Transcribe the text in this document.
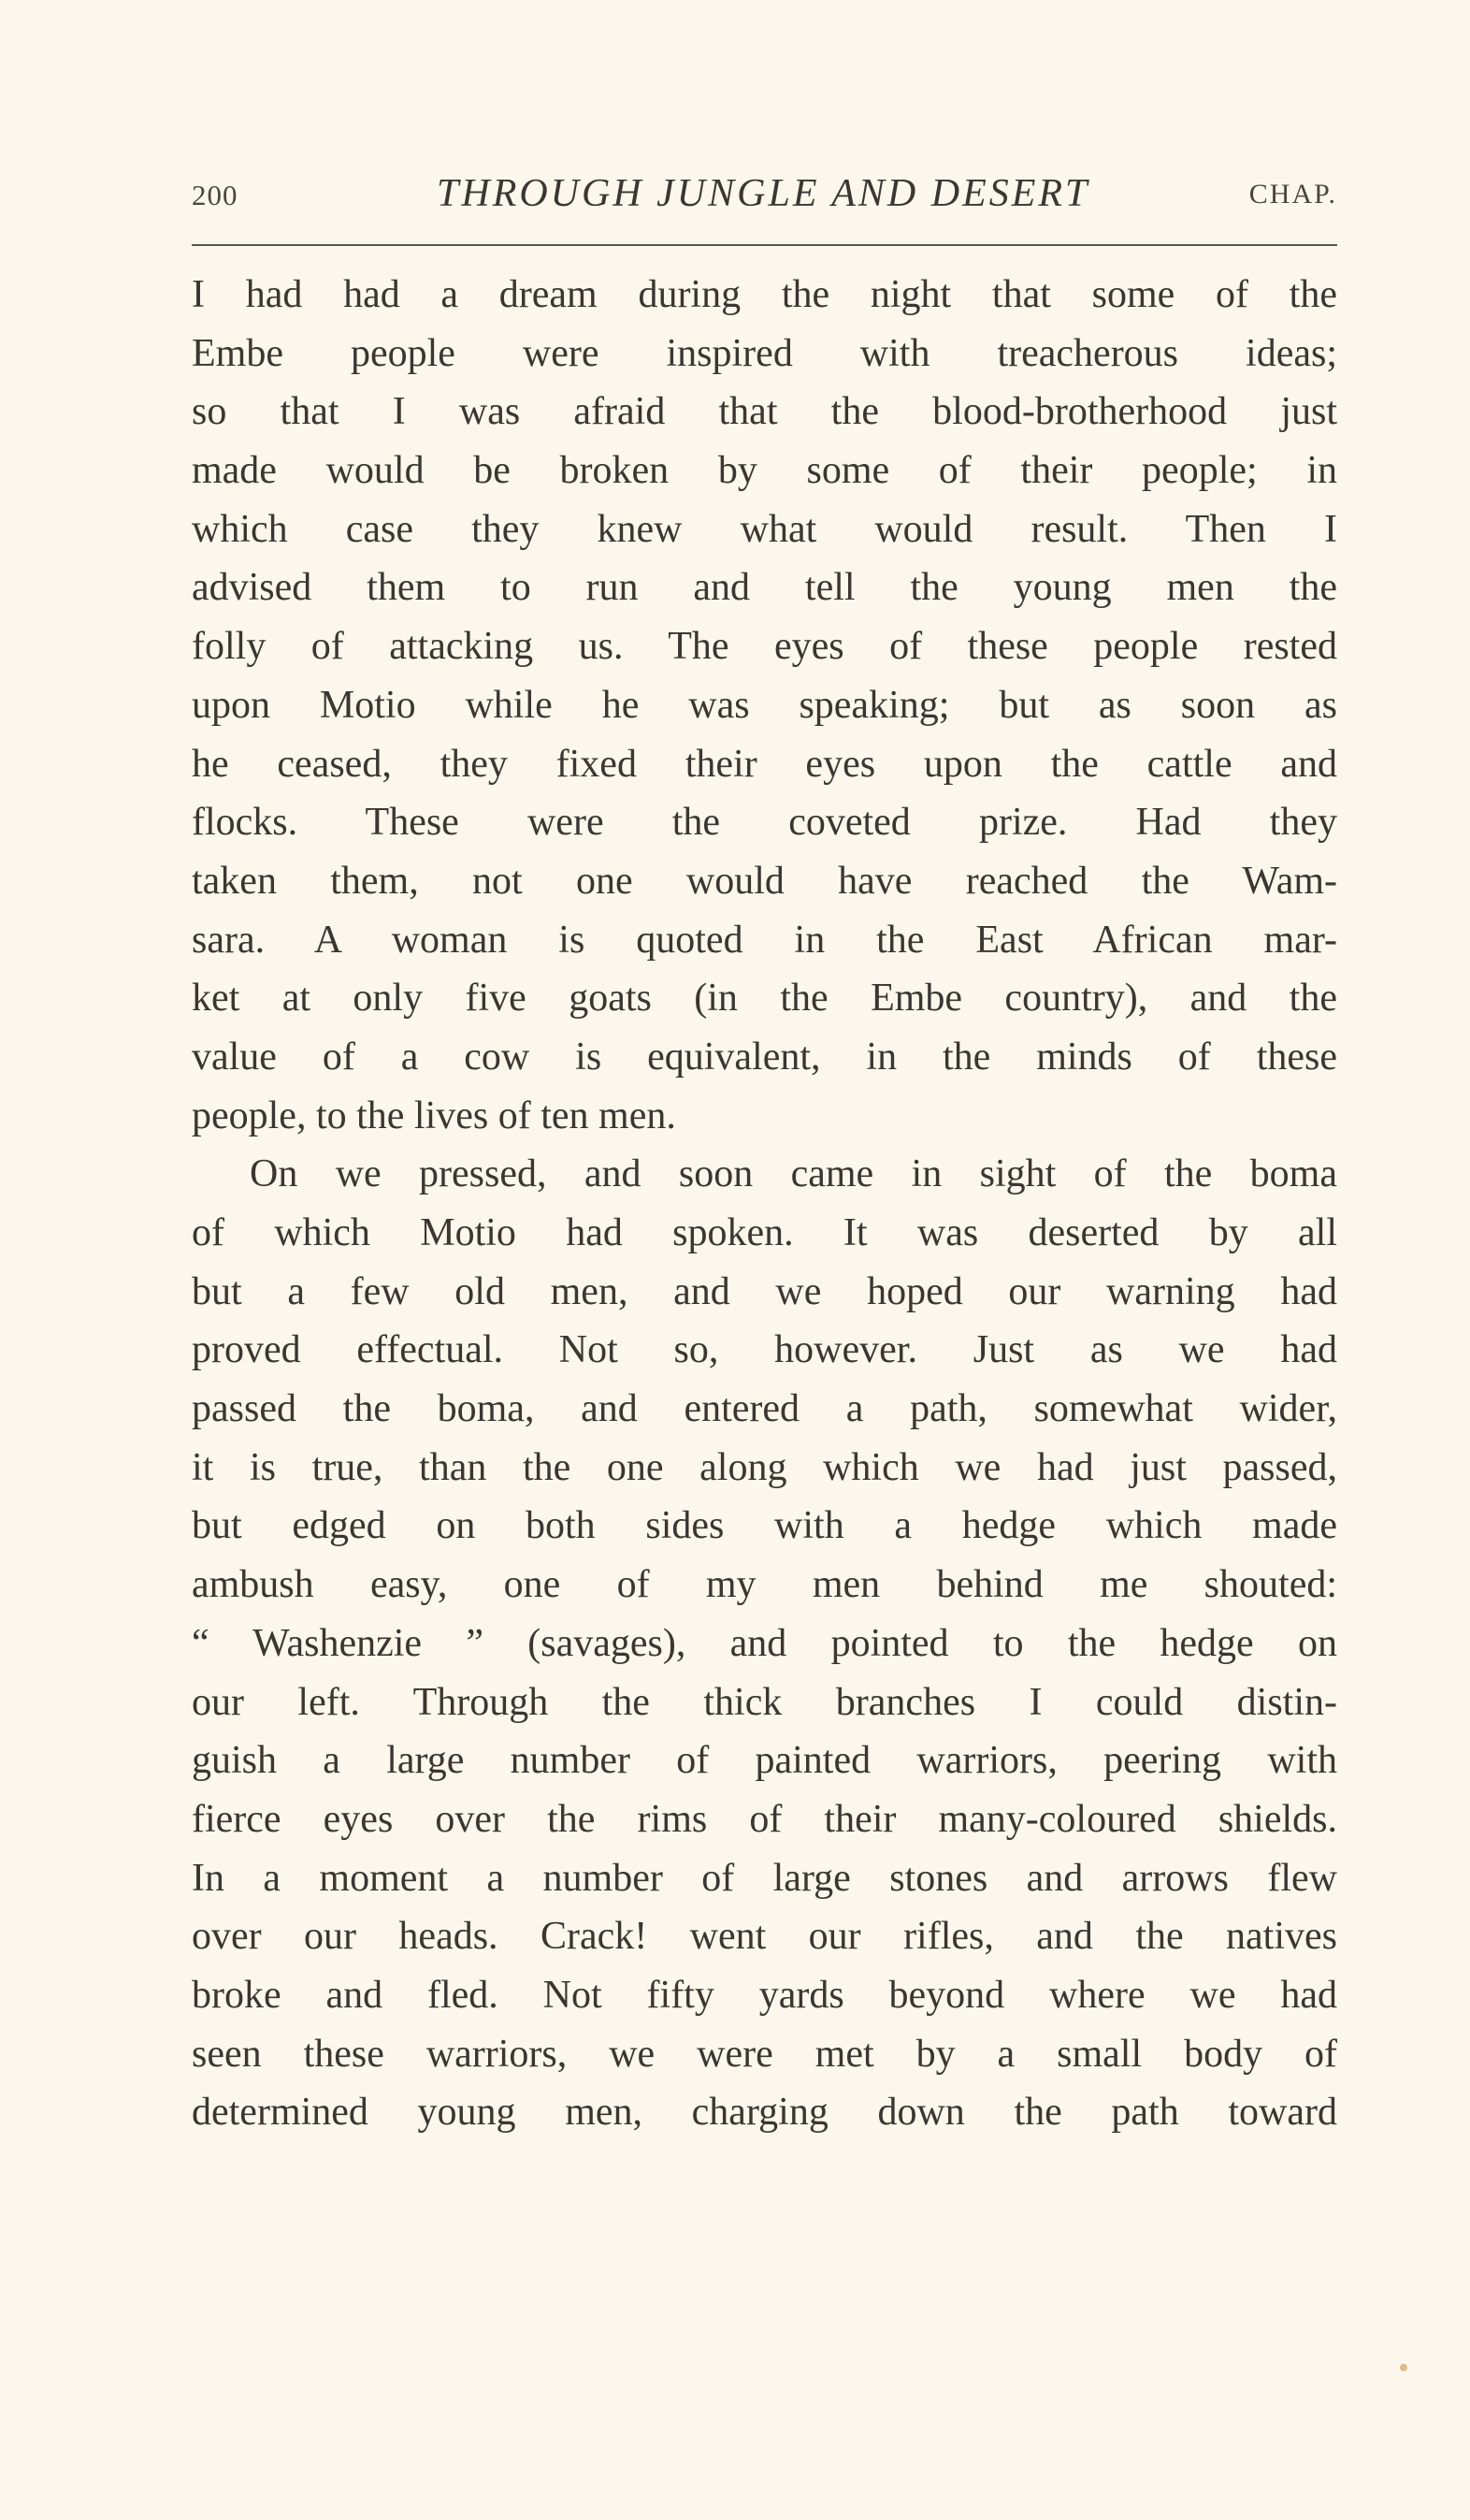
200	THROUGH JUNGLE AND DESERT	CHAP.
I had had a dream during the night that some of the
Embe people were inspired with treacherous ideas;
so that I was afraid that the blood-brotherhood just
made would be broken by some of their people; in
which case they knew what would result. Then I
advised them to run and tell the young men the
folly of attacking us. The eyes of these people rested
upon Motio while he was speaking; but as soon as
he ceased, they fixed their eyes upon the cattle and
flocks. These were the coveted prize. Had they
taken them, not one would have reached the Wam-
sara. A woman is quoted in the East African mar-
ket at only five goats (in the Embe country), and the
value of a cow is equivalent, in the minds of these
people, to the lives of ten men.
On we pressed, and soon came in sight of the boma
of which Motio had spoken. It was deserted by all
but a few old men, and we hoped our warning had
proved effectual. Not so, however. Just as we had
passed the boma, and entered a path, somewhat wider,
it is true, than the one along which we had just passed,
but edged on both sides with a hedge which made
ambush easy, one of my men behind me shouted:
“ Washenzie ” (savages), and pointed to the hedge on
our left. Through the thick branches I could distin-
guish a large number of painted warriors, peering with
fierce eyes over the rims of their many-coloured shields.
In a moment a number of large stones and arrows flew
over our heads. Crack! went our rifles, and the natives
broke and fled. Not fifty yards beyond where we had
seen these warriors, we were met by a small body of
determined young men, charging down the path toward
